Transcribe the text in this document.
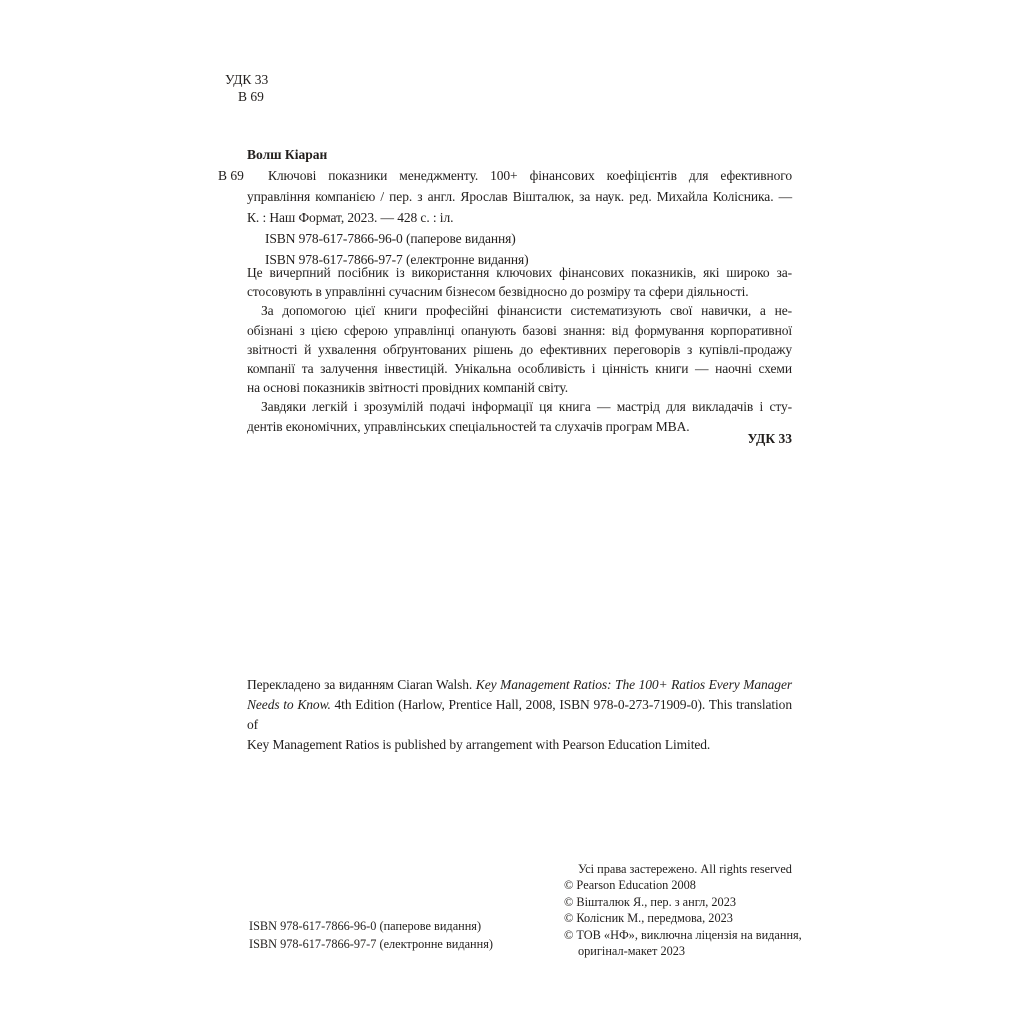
УДК 33
В 69
Волш Кіаран
В 69	Ключові показники менеджменту. 100+ фінансових коефіцієнтів для ефективного
управління компанією / пер. з англ. Ярослав Вішталюк, за наук. ред. Михайла Колісника. —
К. : Наш Формат, 2023. — 428 с. : іл.
ISBN 978-617-7866-96-0 (паперове видання)
ISBN 978-617-7866-97-7 (електронне видання)
Це вичерпний посібник із використання ключових фінансових показників, які широко за-
стосовують в управлінні сучасним бізнесом безвідносно до розміру та сфери діяльності.
За допомогою цієї книги професійні фінансисти систематизують свої навички, а не-
обізнані з цією сферою управлінці опанують базові знання: від формування корпоративної
звітності й ухвалення обґрунтованих рішень до ефективних переговорів з купівлі-продажу
компанії та залучення інвестицій. Унікальна особливість і цінність книги — наочні схеми
на основі показників звітності провідних компаній світу.
Завдяки легкій і зрозумілій подачі інформації ця книга — мастрід для викладачів і сту-
дентів економічних, управлінських спеціальностей та слухачів програм MBA.
УДК 33
Перекладено за виданням Ciaran Walsh. Key Management Ratios: The 100+ Ratios Every Manager
Needs to Know. 4th Edition (Harlow, Prentice Hall, 2008, ISBN 978-0-273-71909-0). This translation of
Key Management Ratios is published by arrangement with Pearson Education Limited.
Усі права застережено. All rights reserved
© Pearson Education 2008
© Вішталюк Я., пер. з англ, 2023
© Колісник М., передмова, 2023
© ТОВ «НФ», виключна ліцензія на видання,
оригінал-макет 2023
ISBN 978-617-7866-96-0 (паперове видання)
ISBN 978-617-7866-97-7 (електронне видання)
